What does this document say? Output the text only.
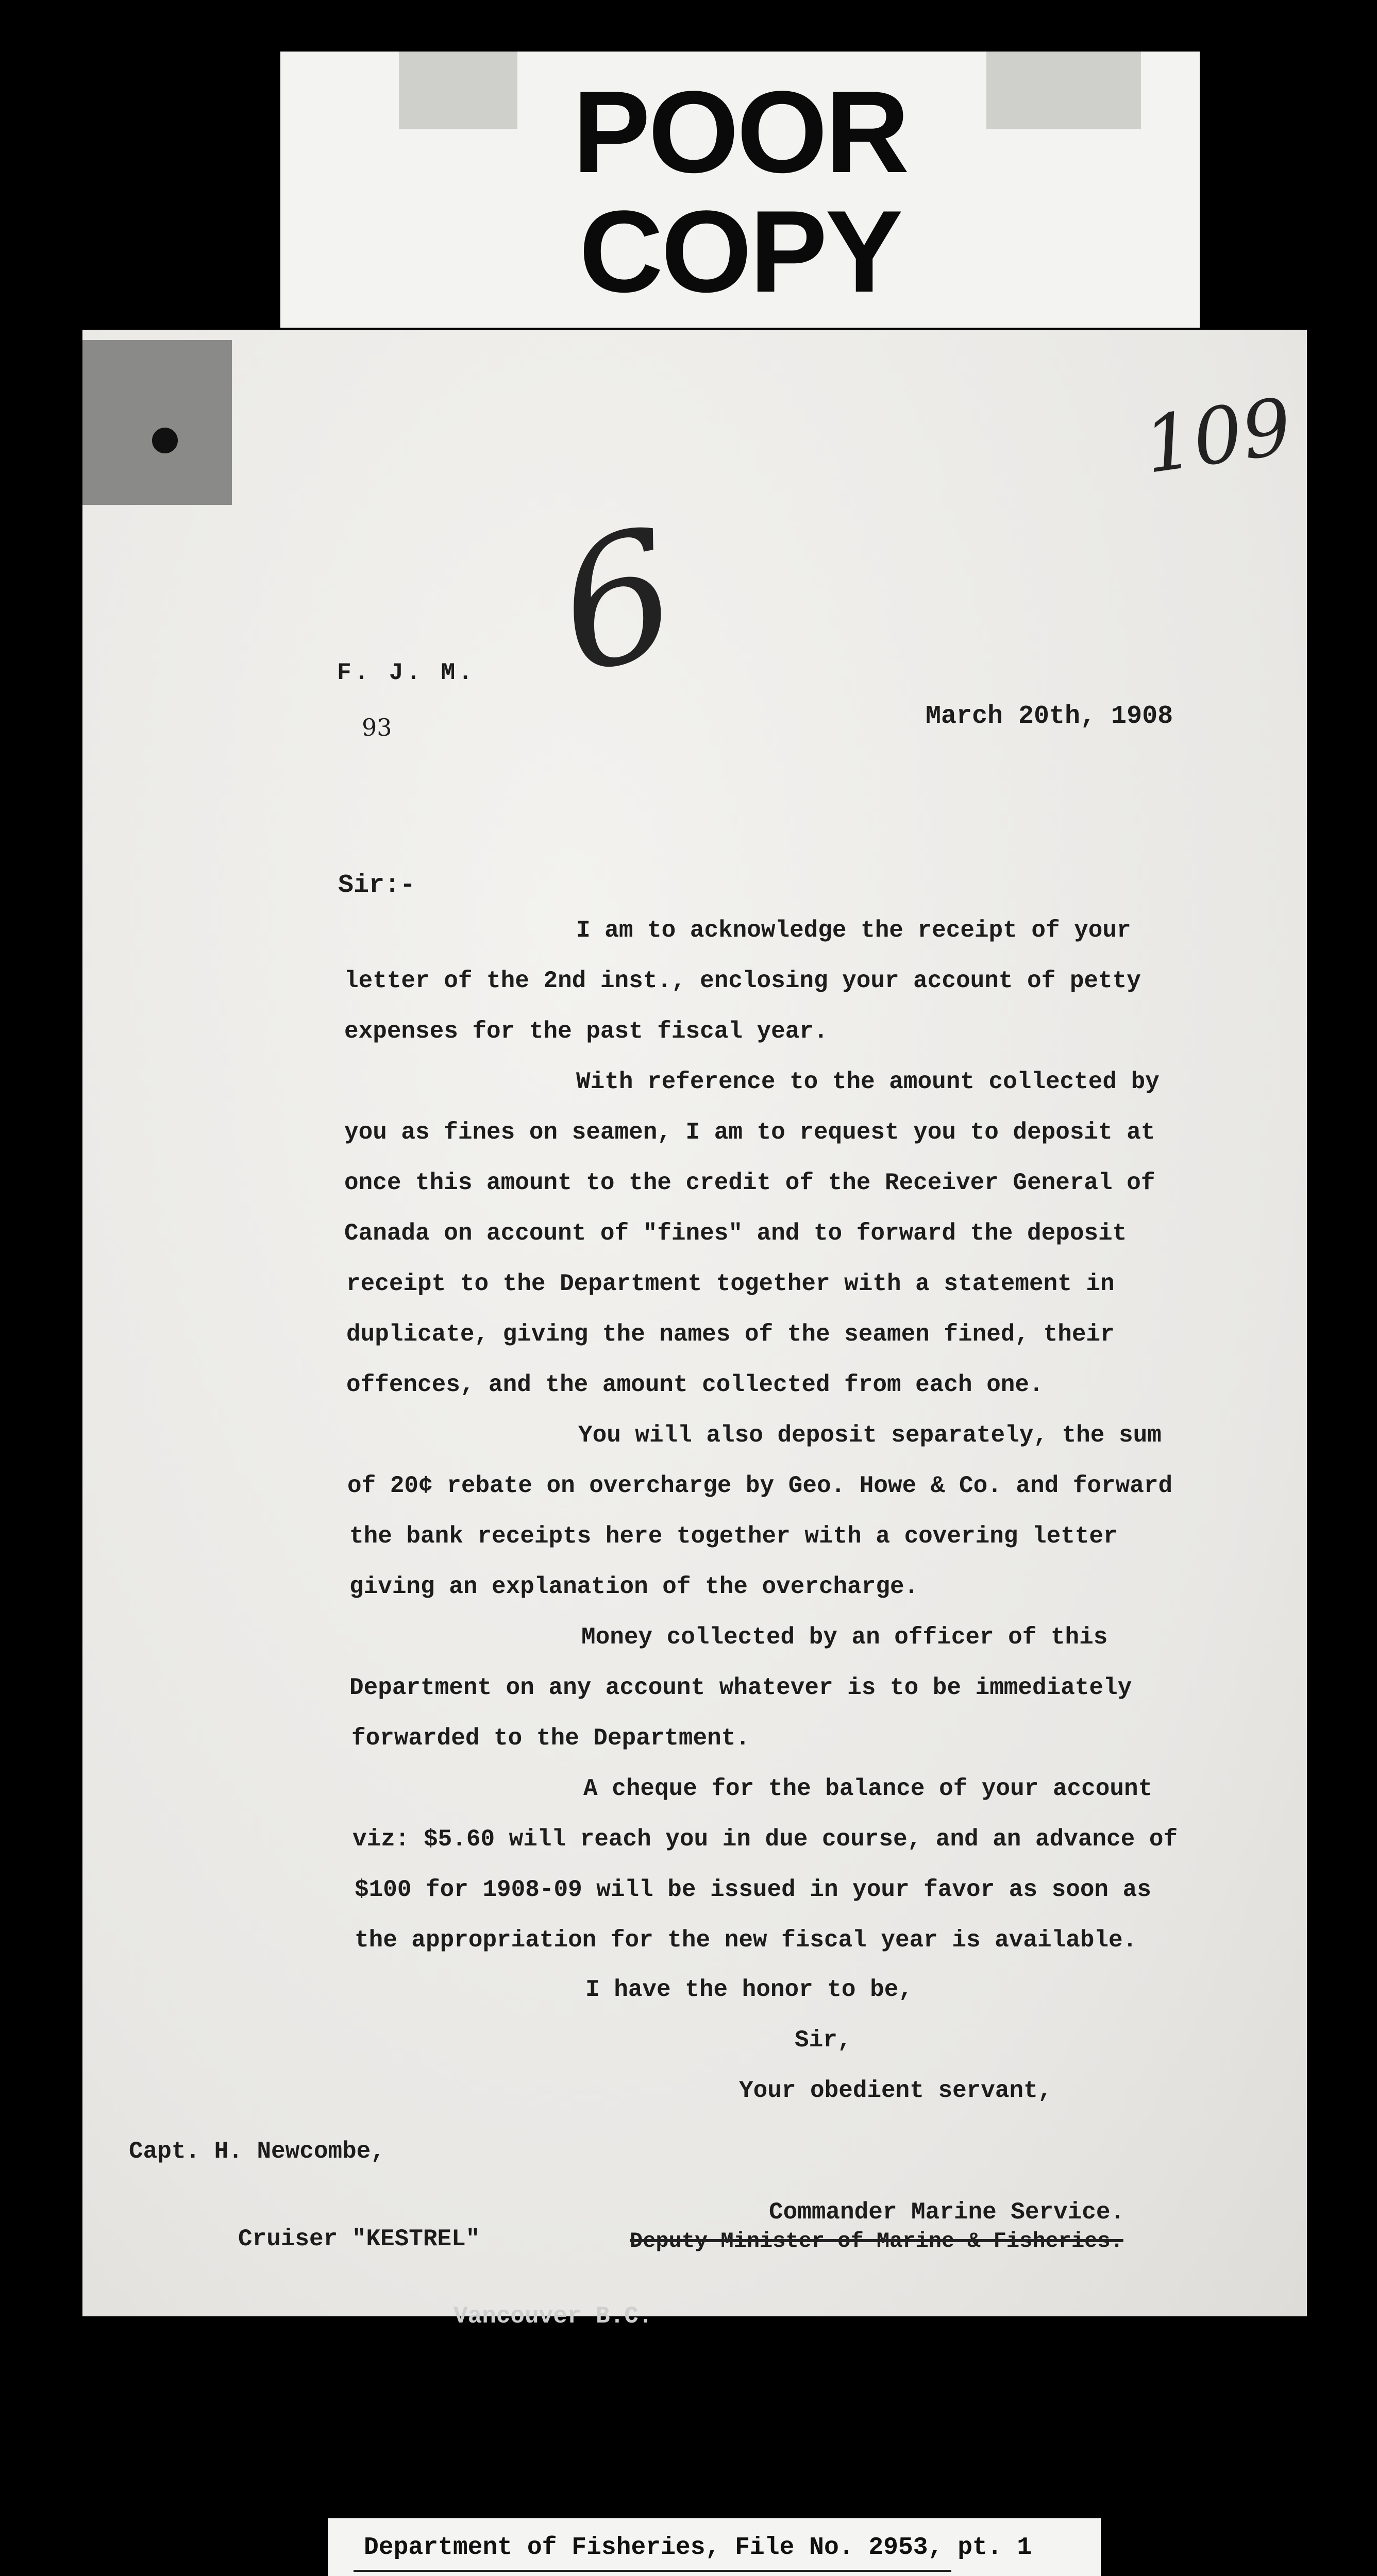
POOR
COPY
109
6
F. J. M.
93	March 20th, 1908
Sir:-
I am to acknowledge the receipt of your
letter of the 2nd inst., enclosing your account of petty
expenses for the past fiscal year.
With reference to the amount collected by
you as fines on seamen, I am to request you to deposit at
once this amount to the credit of the Receiver General of
Canada on account of "fines" and to forward the deposit
receipt to the Department together with a statement in
duplicate, giving the names of the seamen fined, their
offences, and the amount collected from each one.
You will also deposit separately, the sum
of 20¢ rebate on overcharge by Geo. Howe & Co. and forward
the bank receipts here together with a covering letter
giving an explanation of the overcharge.
Money collected by an officer of this
Department on any account whatever is to be immediately
forwarded to the Department.
A cheque for the balance of your account
viz: $5.60 will reach you in due course, and an advance of
$100 for 1908-09 will be issued in your favor as soon as
the appropriation for the new fiscal year is available.
I have the honor to be,
Sir,
Your obedient servant,
Capt. H. Newcombe,
Cruiser "KESTREL"
Commander Marine Service.
Deputy Minister of Marine & Fisheries.
Vancouver B.C.
Department of Fisheries, File No. 2953, pt. 1
